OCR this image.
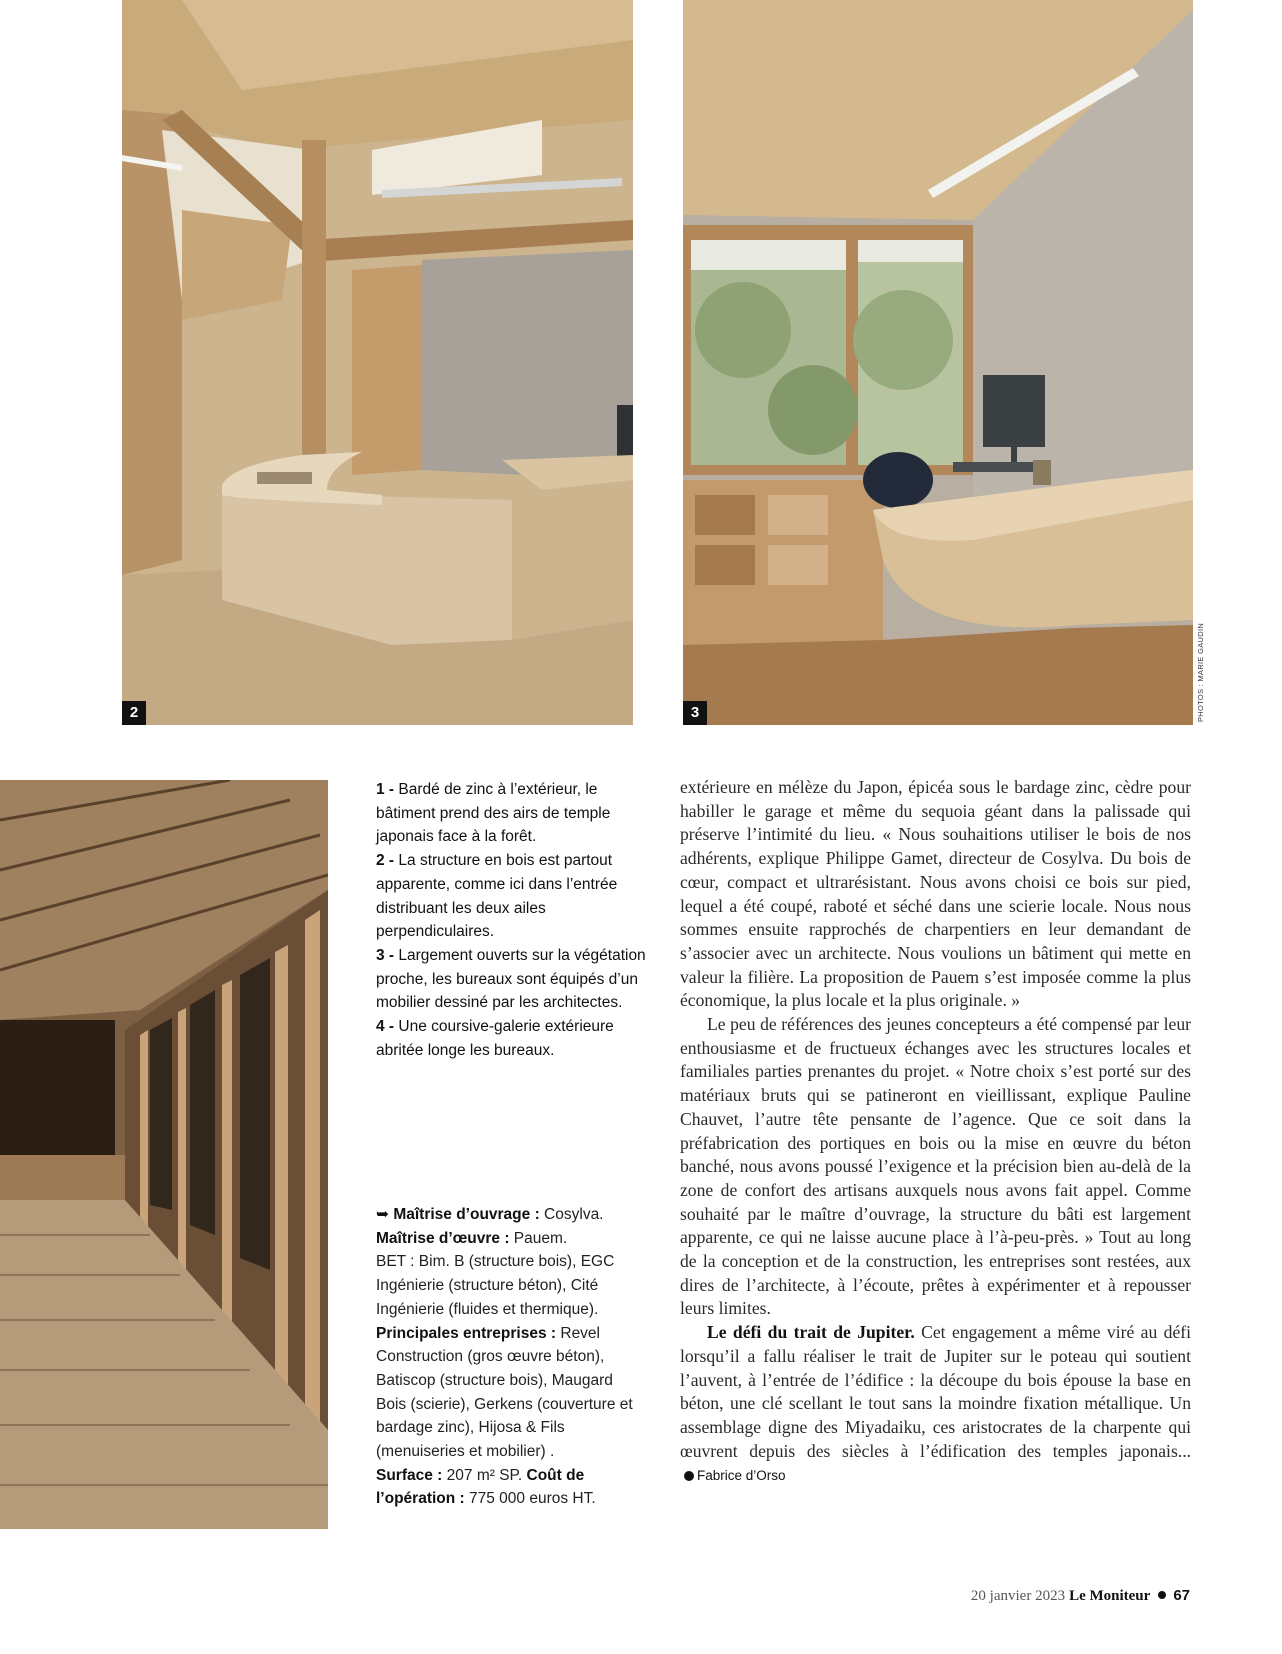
2	3	PHOTOS : MARIE GAUDIN

1 - Bardé de zinc à l’extérieur, le bâtiment prend des airs de temple japonais face à la forêt.

2 - La structure en bois est partout apparente, comme ici dans l’entrée distribuant les deux ailes perpendiculaires.

3 - Largement ouverts sur la végétation proche, les bureaux sont équipés d’un mobilier dessiné par les architectes.

4 - Une coursive-galerie extérieure abritée longe les bureaux.

➥ Maîtrise d’ouvrage : Cosylva.

Maîtrise d’œuvre : Pauem.

BET : Bim. B (structure bois), EGC Ingénierie (structure béton), Cité Ingénierie (fluides et thermique).

Principales entreprises : Revel Construction (gros œuvre béton), Batiscop (structure bois), Maugard Bois (scierie), Gerkens (couverture et bardage zinc), Hijosa & Fils (menuiseries et mobilier) .

Surface : 207 m² SP. Coût de l’opération : 775 000 euros HT.

extérieure en mélèze du Japon, épicéa sous le bardage zinc, cèdre pour habiller le garage et même du sequoia géant dans la palissade qui préserve l’intimité du lieu. « Nous souhaitions utiliser le bois de nos adhérents, explique Philippe Gamet, directeur de Cosylva. Du bois de cœur, compact et ultrarésistant. Nous avons choisi ce bois sur pied, lequel a été coupé, raboté et séché dans une scierie locale. Nous nous sommes ensuite rapprochés de charpentiers en leur demandant de s’associer avec un architecte. Nous voulions un bâtiment qui mette en valeur la filière. La proposition de Pauem s’est imposée comme la plus économique, la plus locale et la plus originale. »

Le peu de références des jeunes concepteurs a été compensé par leur enthousiasme et de fructueux échanges avec les structures locales et familiales parties prenantes du projet. « Notre choix s’est porté sur des matériaux bruts qui se patineront en vieillissant, explique Pauline Chauvet, l’autre tête pensante de l’agence. Que ce soit dans la préfabrication des portiques en bois ou la mise en œuvre du béton banché, nous avons poussé l’exigence et la précision bien au-delà de la zone de confort des artisans auxquels nous avons fait appel. Comme souhaité par le maître d’ouvrage, la structure du bâti est largement apparente, ce qui ne laisse aucune place à l’à-peu-près. » Tout au long de la conception et de la construction, les entreprises sont restées, aux dires de l’architecte, à l’écoute, prêtes à expérimenter et à repousser leurs limites.

Le défi du trait de Jupiter. Cet engagement a même viré au défi lorsqu’il a fallu réaliser le trait de Jupiter sur le poteau qui soutient l’auvent, à l’entrée de l’édifice : la découpe du bois épouse la base en béton, une clé scellant le tout sans la moindre fixation métallique. Un assemblage digne des Miyadaiku, ces aristocrates de la charpente qui œuvrent depuis des siècles à l’édification des temples japonais... Fabrice d’Orso

20 janvier 2023 Le Moniteur 67
